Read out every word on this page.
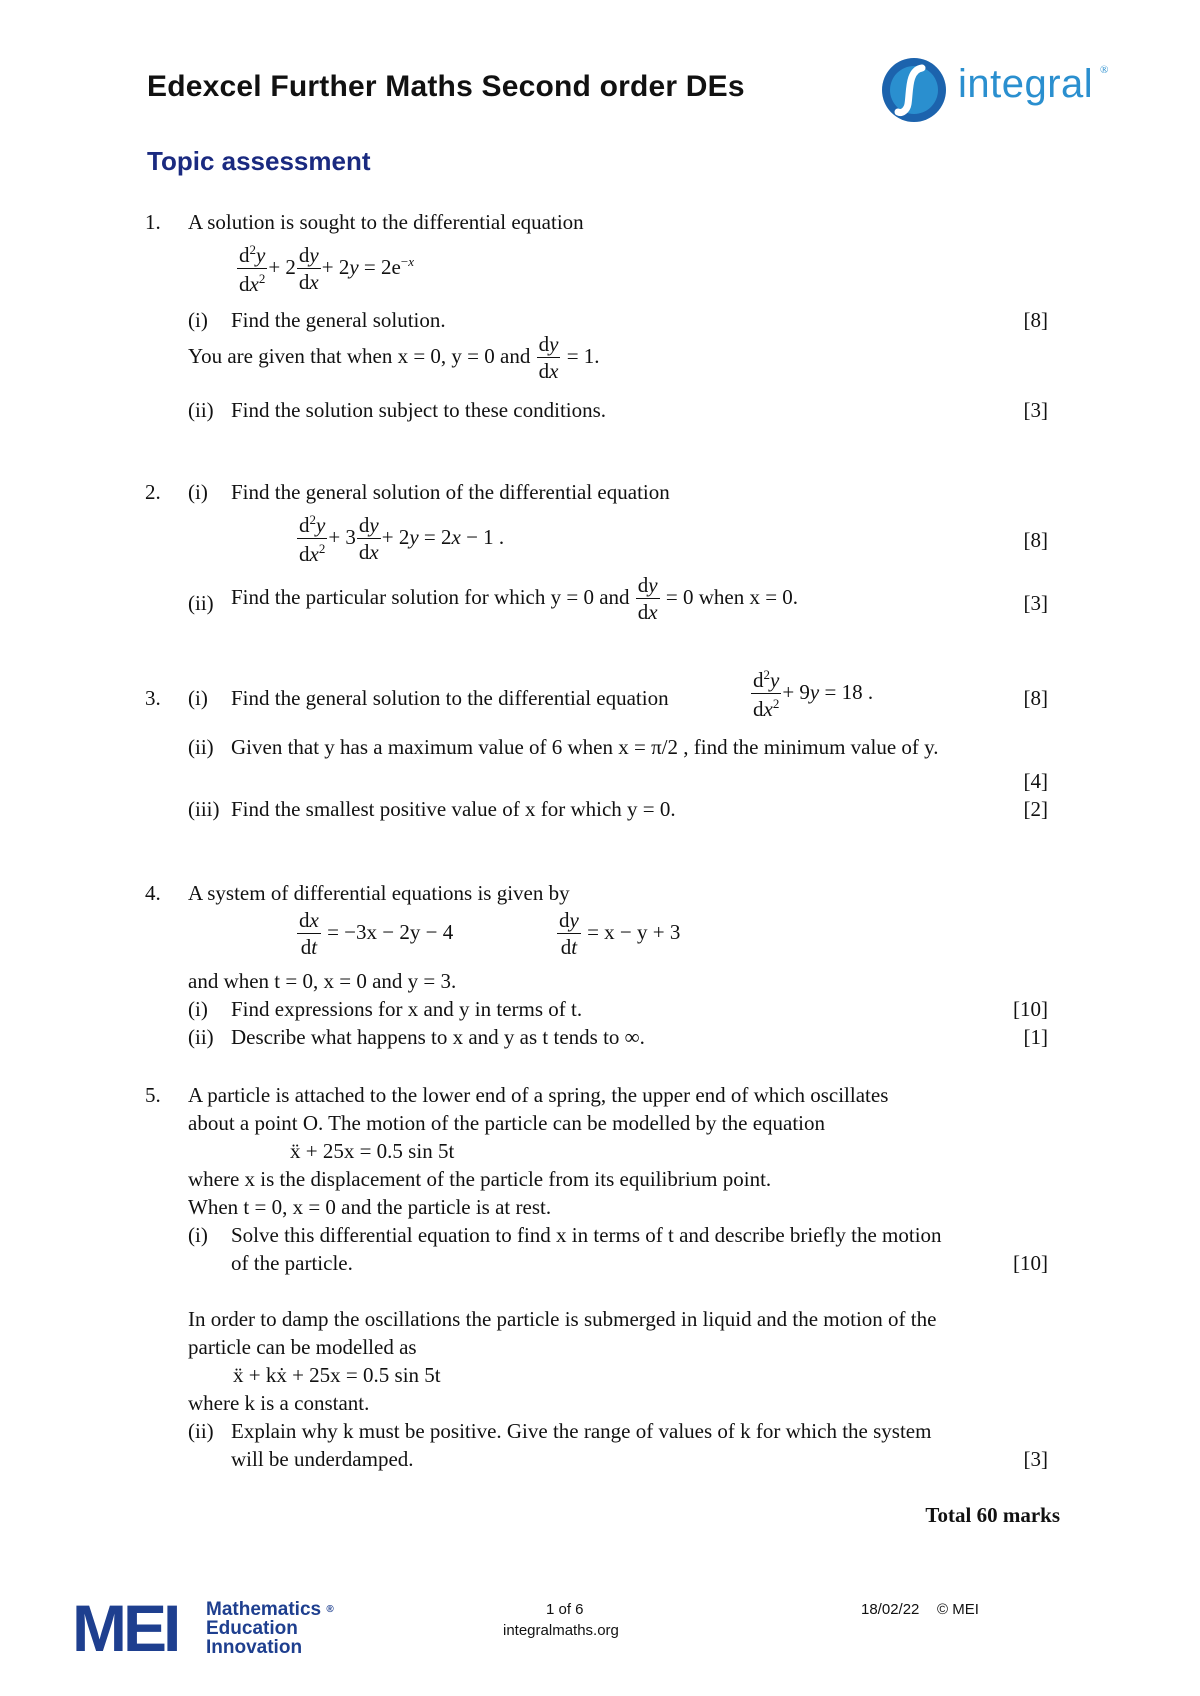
Edexcel Further Maths Second order DEs	integral ®
Topic assessment
1. A solution is sought to the differential equation
$\frac{d^2y}{dx^2} + 2 \frac{dy}{dx} + 2y = 2e^{-x}$
(i) Find the general solution.	[8]
You are given that when x = 0, y = 0 and $\frac{dy}{dx} = 1$.
(ii) Find the solution subject to these conditions.	[3]
2. (i) Find the general solution of the differential equation
$\frac{d^2y}{dx^2} + 3 \frac{dy}{dx} + 2y = 2x - 1$ .	[8]
(ii) Find the particular solution for which y = 0 and $\frac{dy}{dx} = 0$ when x = 0.	[3]
3. (i) Find the general solution to the differential equation	$\frac{d^2y}{dx^2} + 9y = 18$ .	[8]
(ii) Given that y has a maximum value of 6 when x = π/2 , find the minimum value of y.
[4]
(iii) Find the smallest positive value of x for which y = 0.	[2]
4. A system of differential equations is given by
$\frac{dx}{dt} = -3x - 2y - 4$	$\frac{dy}{dt} = x - y + 3$
and when t = 0, x = 0 and y = 3.
(i) Find expressions for x and y in terms of t.	[10]
(ii) Describe what happens to x and y as t tends to ∞.	[1]
5. A particle is attached to the lower end of a spring, the upper end of which oscillates
about a point O. The motion of the particle can be modelled by the equation
ẍ + 25x = 0.5 sin 5t
where x is the displacement of the particle from its equilibrium point.
When t = 0, x = 0 and the particle is at rest.
(i) Solve this differential equation to find x in terms of t and describe briefly the motion
of the particle.	[10]
In order to damp the oscillations the particle is submerged in liquid and the motion of the
particle can be modelled as
ẍ + kẋ + 25x = 0.5 sin 5t
where k is a constant.
(ii) Explain why k must be positive. Give the range of values of k for which the system
will be underdamped.	[3]
Total 60 marks
MEI Mathematics ®
Education
Innovation
1 of 6
integralmaths.org
18/02/22 © MEI
